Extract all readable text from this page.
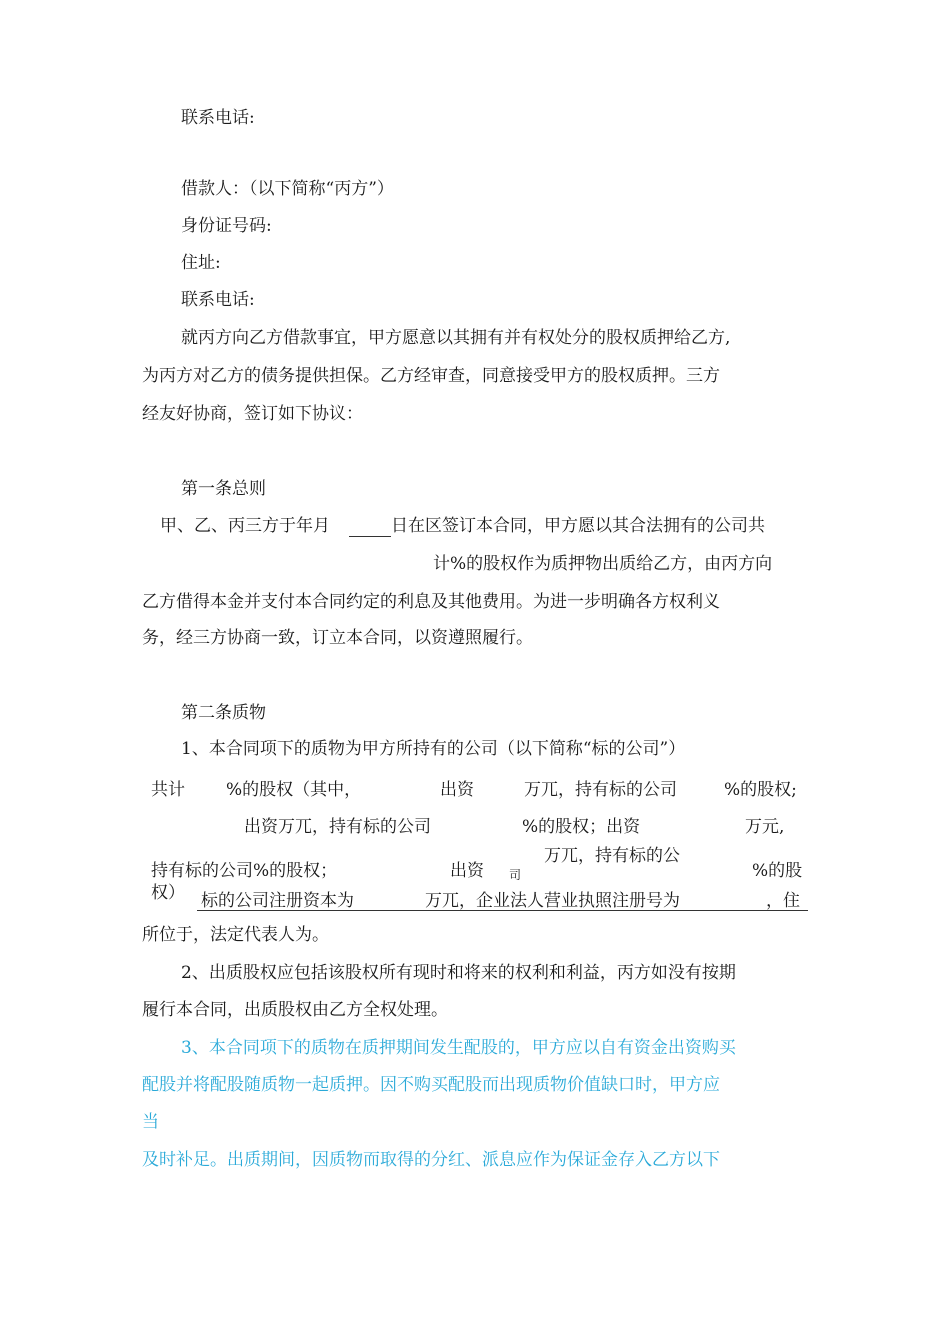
联系电话:
借款人：（以下简称“丙方”）
身份证号码:
住址:
联系电话:
就丙方向乙方借款事宜，甲方愿意以其拥有并有权处分的股权质押给乙方,
为丙方对乙方的债务提供担保。乙方经审查，同意接受甲方的股权质押。三方
经友好协商，签订如下协议：
第一条总则
甲、乙、丙三方于年月	日在区签订本合同，甲方愿以其合法拥有的公司共
计%的股权作为质押物出质给乙方，由丙方向
乙方借得本金并支付本合同约定的利息及其他费用。为进一步明确各方权利义
务，经三方协商一致，订立本合同，以资遵照履行。
第二条质物
1、本合同项下的质物为甲方所持有的公司（以下简称“标的公司”）
共计 %的股权（其中，	出资	万兀，持有标的公司	%的股权;
出资万兀，持有标的公司	%的股权；出资	万元,
持有标的公司%的股权；	出资 司
万兀，持有标的公
%的股
权） 标的公司注册资本为	万兀，企业法人营业执照注册号为	，住
所位于，法定代表人为。
2、出质股权应包括该股权所有现时和将来的权利和利益，丙方如没有按期
履行本合同，出质股权由乙方全权处理。
3、本合同项下的质物在质押期间发生配股的，甲方应以自有资金出资购买
配股并将配股随质物一起质押。因不购买配股而出现质物价值缺口时，甲方应
当
及时补足。出质期间，因质物而取得的分红、派息应作为保证金存入乙方以下
